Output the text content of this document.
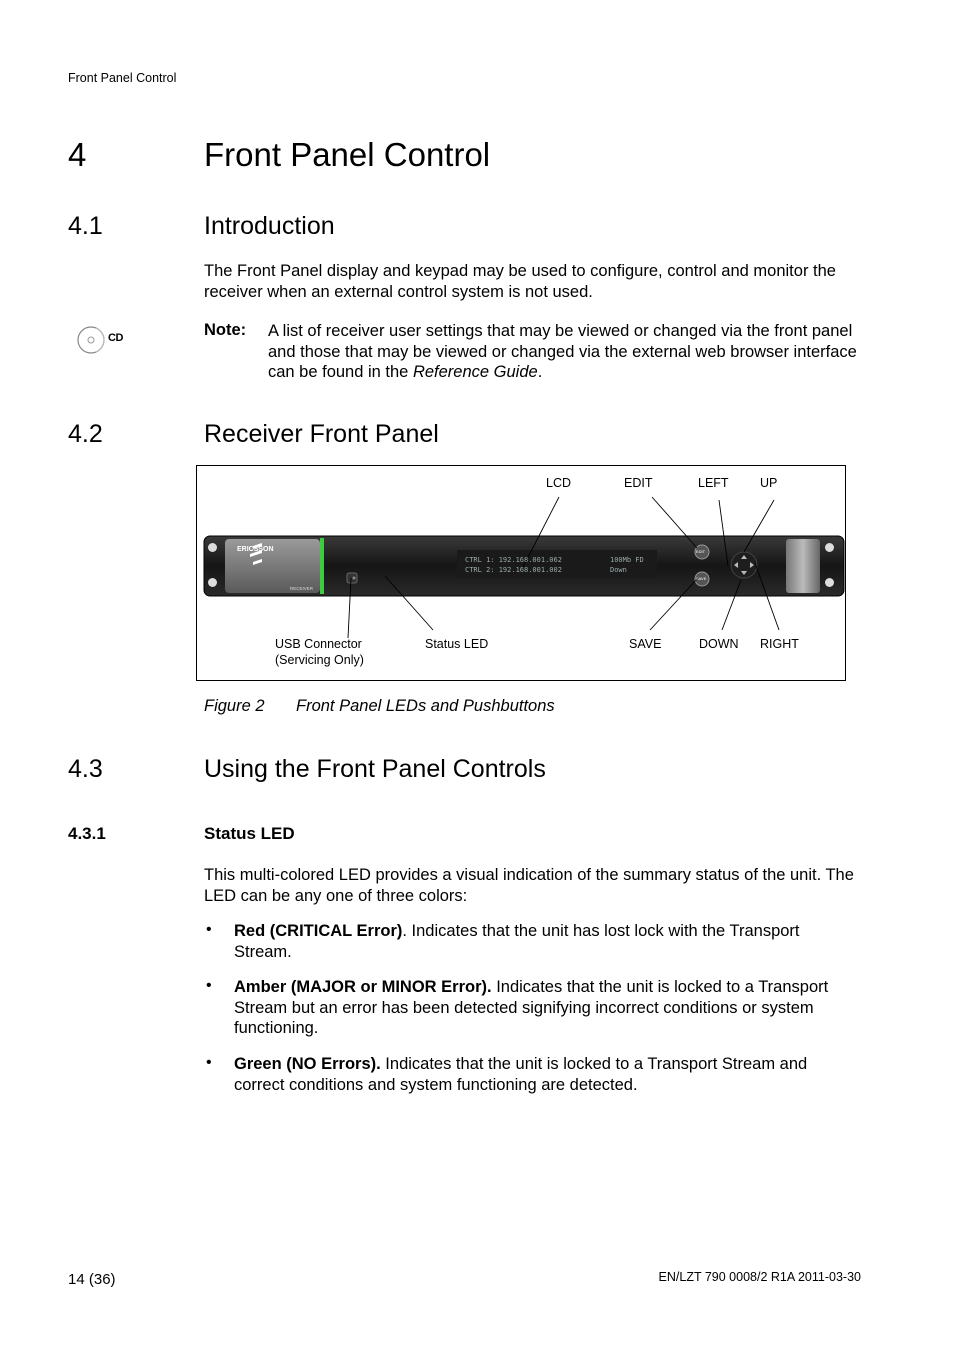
Front Panel Control
4	Front Panel Control
4.1	Introduction
The Front Panel display and keypad may be used to configure, control and monitor the receiver when an external control system is not used.
CD	Note: A list of receiver user settings that may be viewed or changed via the front panel and those that may be viewed or changed via the external web browser interface can be found in the Reference Guide.
4.2	Receiver Front Panel
LCD	EDIT	LEFT	UP
ERICSSON
RECEIVER
CTRL 1: 192.168.001.062
CTRL 2: 192.168.001.002
100Mb FD
Down
EDIT
SAVE
USB Connector
(Servicing Only)
Status LED	SAVE	DOWN RIGHT
Figure 2 Front Panel LEDs and Pushbuttons
4.3	Using the Front Panel Controls
4.3.1	Status LED
This multi-colored LED provides a visual indication of the summary status of the unit. The LED can be any one of three colors:
• Red (CRITICAL Error). Indicates that the unit has lost lock with the Transport Stream.
• Amber (MAJOR or MINOR Error). Indicates that the unit is locked to a Transport Stream but an error has been detected signifying incorrect conditions or system functioning.
• Green (NO Errors). Indicates that the unit is locked to a Transport Stream and correct conditions and system functioning are detected.
14 (36)	EN/LZT 790 0008/2 R1A 2011-03-30
